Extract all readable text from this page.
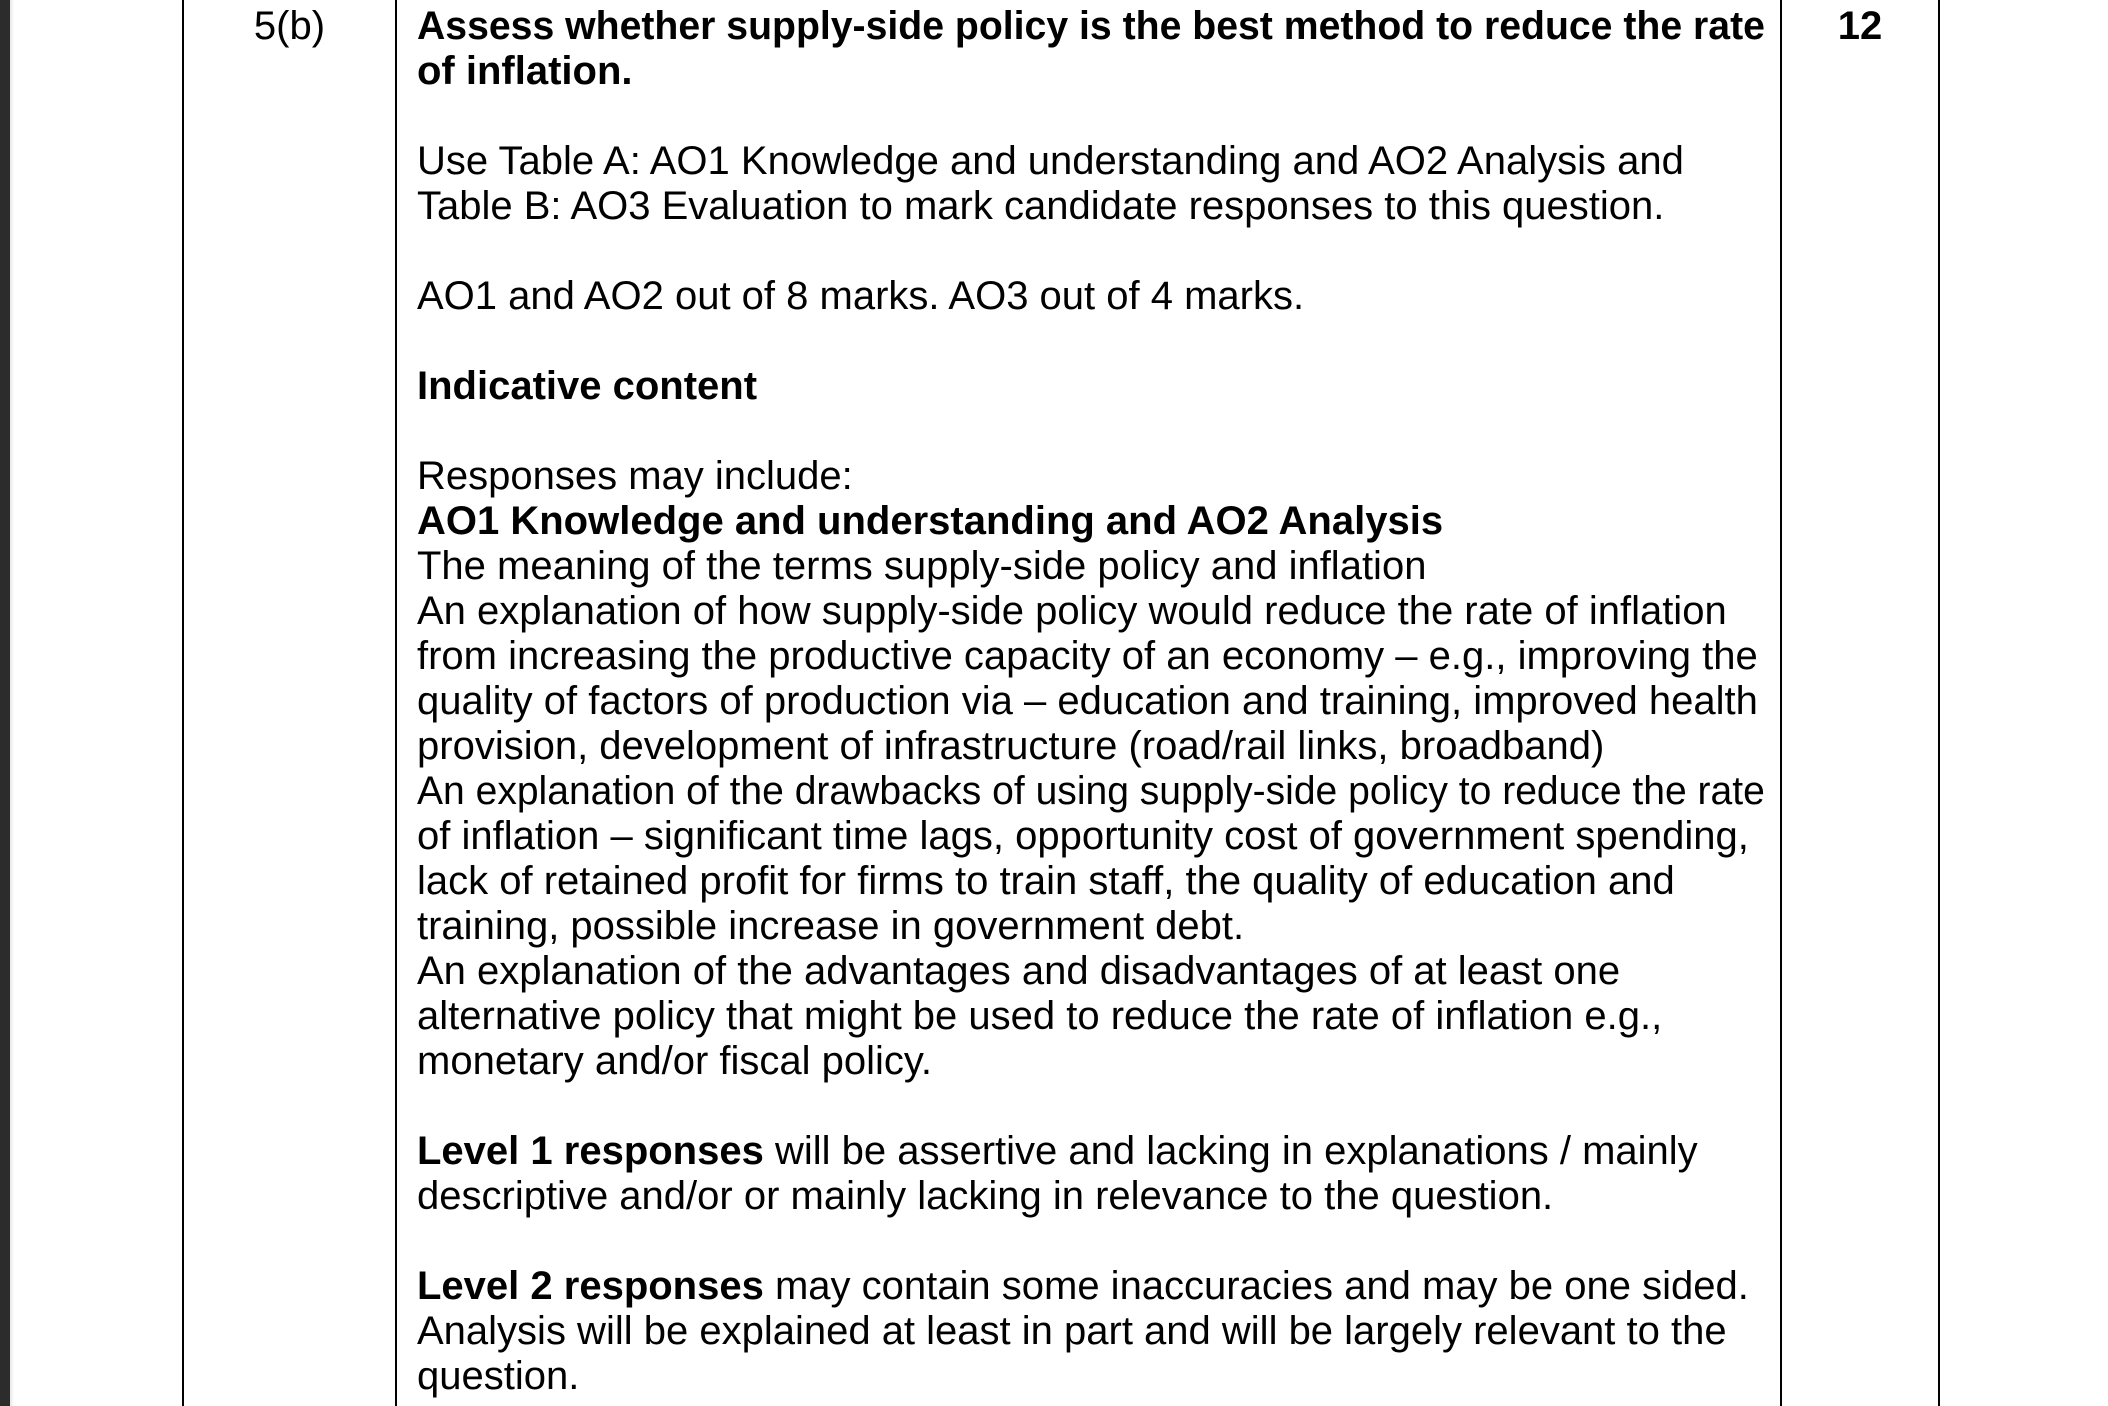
5(b)	Assess whether supply-side policy is the best method to reduce the rate
of inflation.
Use Table A: AO1 Knowledge and understanding and AO2 Analysis and
Table B: AO3 Evaluation to mark candidate responses to this question.
AO1 and AO2 out of 8 marks. AO3 out of 4 marks.
Indicative content
Responses may include:
AO1 Knowledge and understanding and AO2 Analysis
The meaning of the terms supply-side policy and inflation
An explanation of how supply-side policy would reduce the rate of inflation
from increasing the productive capacity of an economy – e.g., improving the
quality of factors of production via – education and training, improved health
provision, development of infrastructure (road/rail links, broadband)
An explanation of the drawbacks of using supply-side policy to reduce the rate
of inflation – significant time lags, opportunity cost of government spending,
lack of retained profit for firms to train staff, the quality of education and
training, possible increase in government debt.
An explanation of the advantages and disadvantages of at least one
alternative policy that might be used to reduce the rate of inflation e.g.,
monetary and/or fiscal policy.
Level 1 responses will be assertive and lacking in explanations / mainly
descriptive and/or or mainly lacking in relevance to the question.
Level 2 responses may contain some inaccuracies and may be one sided.
Analysis will be explained at least in part and will be largely relevant to the
question.
12
